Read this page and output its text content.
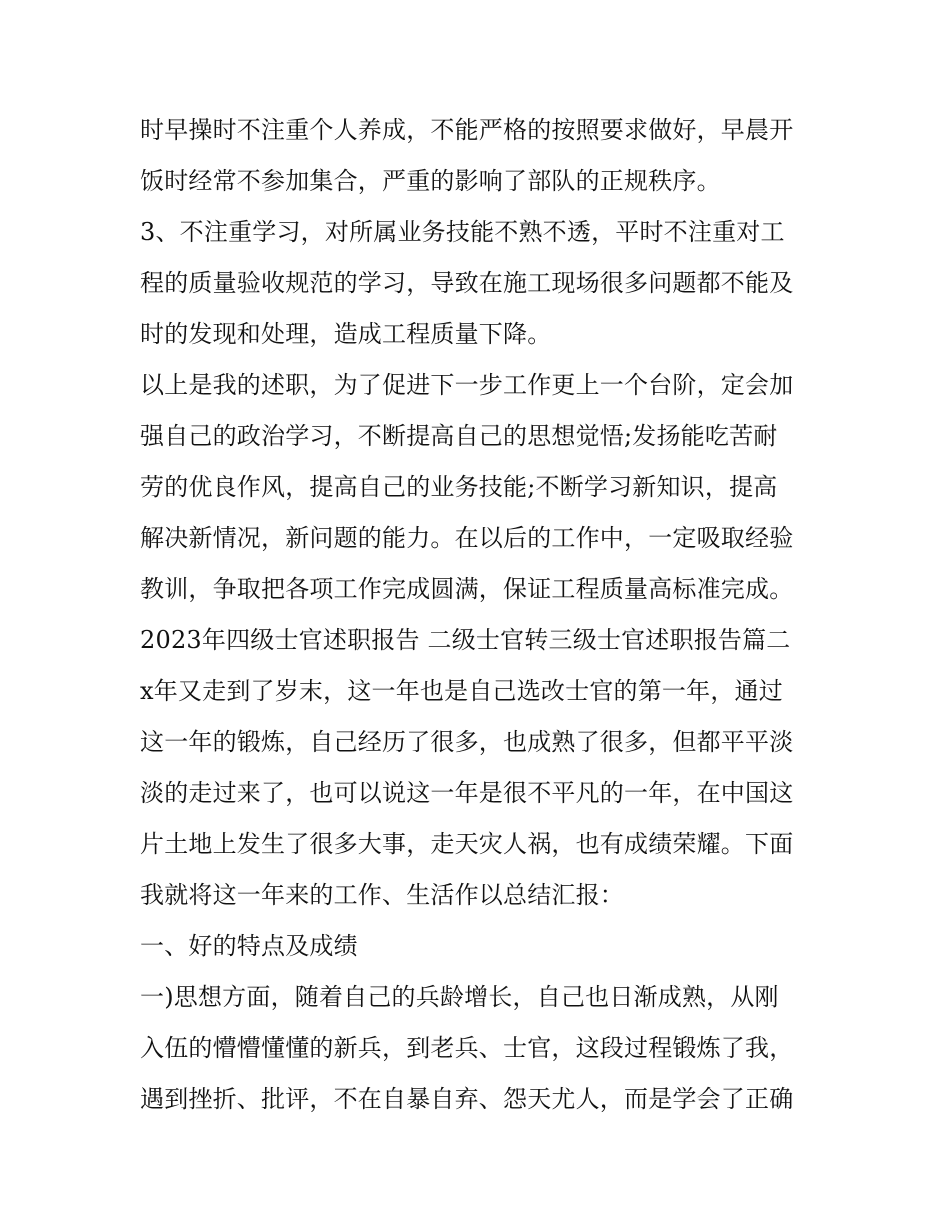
时早操时不注重个人养成，不能严格的按照要求做好，早晨开
饭时经常不参加集合，严重的影响了部队的正规秩序。
3、不注重学习，对所属业务技能不熟不透，平时不注重对工
程的质量验收规范的学习，导致在施工现场很多问题都不能及
时的发现和处理，造成工程质量下降。
以上是我的述职，为了促进下一步工作更上一个台阶，定会加
强自己的政治学习，不断提高自己的思想觉悟;发扬能吃苦耐
劳的优良作风，提高自己的业务技能;不断学习新知识，提高
解决新情况，新问题的能力。在以后的工作中，一定吸取经验
教训，争取把各项工作完成圆满，保证工程质量高标准完成。
2023年四级士官述职报告 二级士官转三级士官述职报告篇二
x年又走到了岁末，这一年也是自己选改士官的第一年，通过
这一年的锻炼，自己经历了很多，也成熟了很多，但都平平淡
淡的走过来了，也可以说这一年是很不平凡的一年，在中国这
片土地上发生了很多大事，走天灾人祸，也有成绩荣耀。下面
我就将这一年来的工作、生活作以总结汇报：
一、好的特点及成绩
一)思想方面，随着自己的兵龄增长，自己也日渐成熟，从刚
入伍的懵懵懂懂的新兵，到老兵、士官，这段过程锻炼了我，
遇到挫折、批评，不在自暴自弃、怨天尤人，而是学会了正确
